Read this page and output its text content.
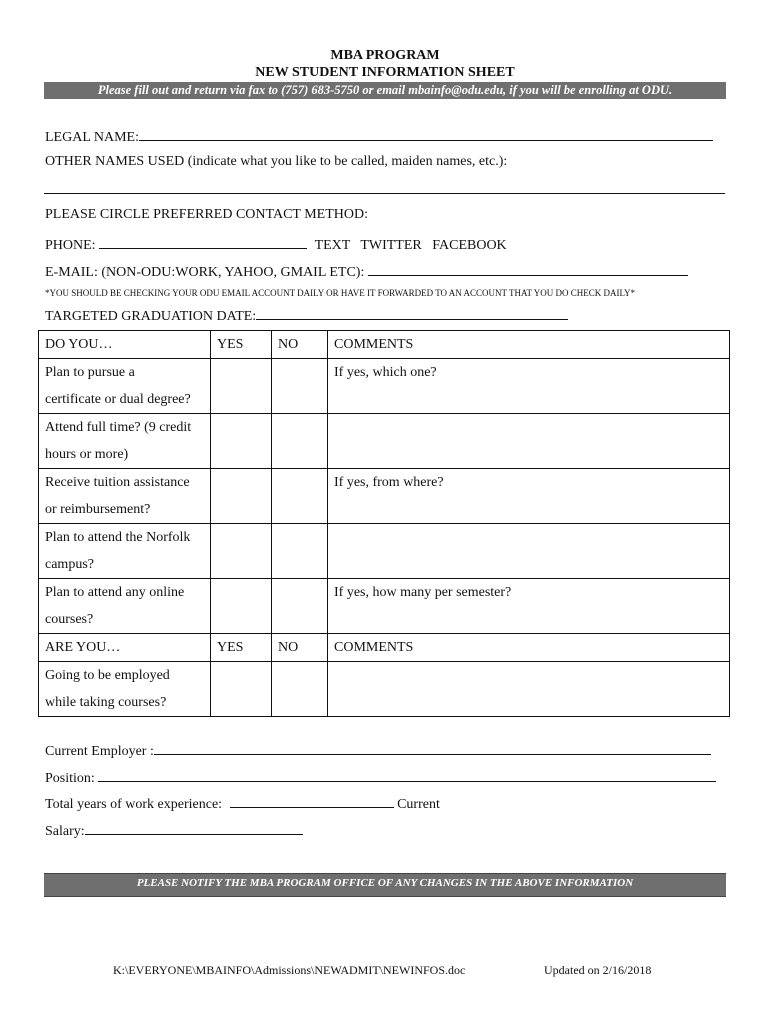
MBA PROGRAM
NEW STUDENT INFORMATION SHEET
Please fill out and return via fax to (757) 683-5750 or email mbainfo@odu.edu, if you will be enrolling at ODU.
LEGAL NAME:
OTHER NAMES USED (indicate what you like to be called, maiden names, etc.):
PLEASE CIRCLE PREFERRED CONTACT METHOD:
PHONE:	TEXT   TWITTER   FACEBOOK
E-MAIL: (NON-ODU:WORK, YAHOO, GMAIL ETC):
*YOU SHOULD BE CHECKING YOUR ODU EMAIL ACCOUNT DAILY OR HAVE IT FORWARDED TO AN ACCOUNT THAT YOU DO CHECK DAILY*
TARGETED GRADUATION DATE:
DO YOU…	YES	NO	COMMENTS

Plan to pursue a
certificate or dual degree?			If yes, which one?

Attend full time? (9 credit
hours or more)			

Receive tuition assistance
or reimbursement?			If yes, from where?

Plan to attend the Norfolk
campus?			

Plan to attend any online
courses?			If yes, how many per semester?
ARE YOU…	YES	NO	COMMENTS

Going to be employed
while taking courses?			

Current Employer :
Position:
Total years of work experience:	Current
Salary:
PLEASE NOTIFY THE MBA PROGRAM OFFICE OF ANY CHANGES IN THE ABOVE INFORMATION
K:\EVERYONE\MBAINFO\Admissions\NEWADMIT\NEWINFOS.doc	Updated on 2/16/2018
